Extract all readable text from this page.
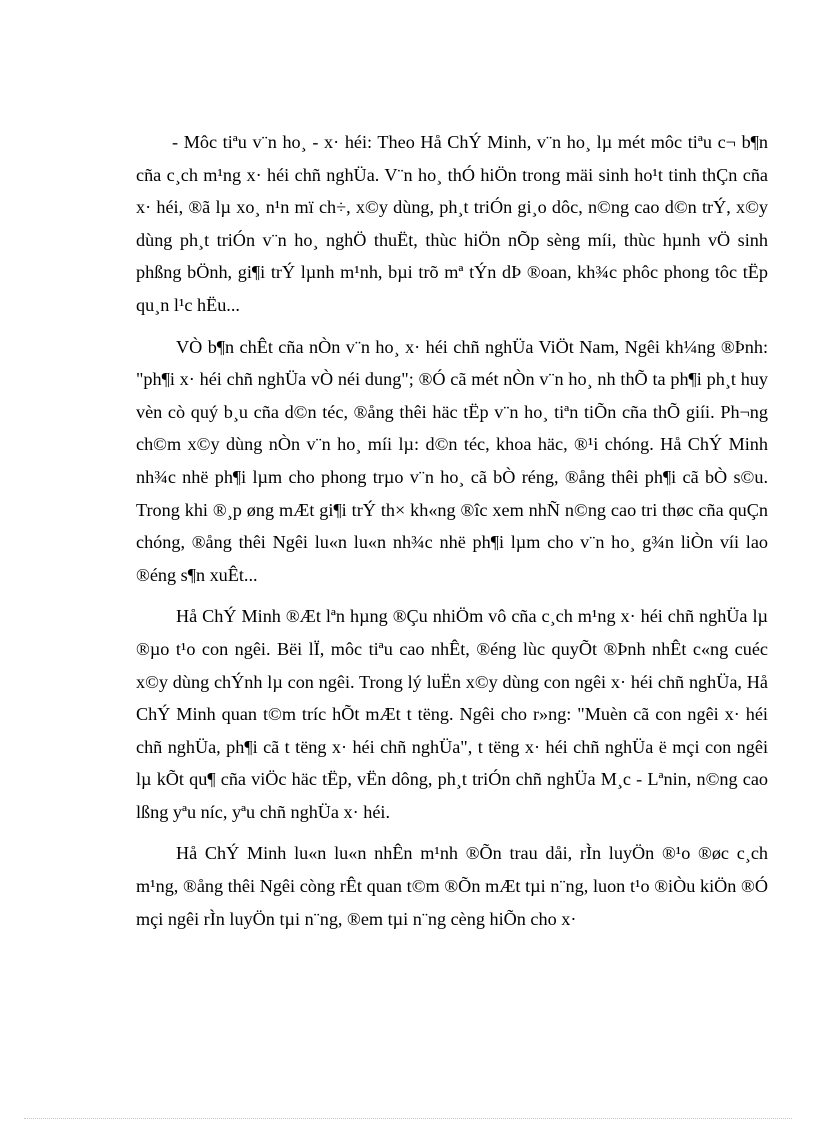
- Môc tiªu v¨n ho¸ - x· héi: Theo Hå ChÝ Minh, v¨n ho¸ lµ mét môc tiªu c¬ b¶n cña c¸ch m¹ng x· héi chñ nghÜa. V¨n ho¸ thÓ hiÖn trong mäi sinh ho¹t tinh thÇn cña x· héi, ®ã lµ xo¸ n¹n mï ch÷, x©y dùng, ph¸t triÓn gi¸o dôc, n©ng cao d©n trÝ, x©y dùng ph¸t triÓn v¨n ho¸ nghÖ thuËt, thùc hiÖn nÕp sèng míi, thùc hµnh vÖ sinh phßng bÖnh, gi¶i trÝ lµnh m¹nh, bµi trõ mª tÝn dÞ ®oan, kh¾c phôc phong tôc tËp qu¸n l¹c hËu...

VÒ b¶n chÊt cña nÒn v¨n ho¸ x· héi chñ nghÜa ViÖt Nam, Ngêi kh¼ng ®Þnh: "ph¶i x· héi chñ nghÜa vÒ néi dung"; ®Ó cã mét nÒn v¨n ho¸ nh thÕ ta ph¶i ph¸t huy vèn cò quý b¸u cña d©n téc, ®ång thêi häc tËp v¨n ho¸ tiªn tiÕn cña thÕ giíi. Ph¬ng ch©m x©y dùng nÒn v¨n ho¸ míi lµ: d©n téc, khoa häc, ®¹i chóng. Hå ChÝ Minh nh¾c nhë ph¶i lµm cho phong trµo v¨n ho¸ cã bÒ réng, ®ång thêi ph¶i cã bÒ s©u. Trong khi ®¸p øng mÆt gi¶i trÝ th× kh«ng ®îc xem nhÑ n©ng cao tri thøc cña quÇn chóng, ®ång thêi Ngêi lu«n lu«n nh¾c nhë ph¶i lµm cho v¨n ho¸ g¾n liÒn víi lao ®éng s¶n xuÊt...

Hå ChÝ Minh ®Æt lªn hµng ®Çu nhiÖm vô cña c¸ch m¹ng x· héi chñ nghÜa lµ ®µo t¹o con ngêi. Bëi lÏ, môc tiªu cao nhÊt, ®éng lùc quyÕt ®Þnh nhÊt c«ng cuéc x©y dùng chÝnh lµ con ngêi. Trong lý luËn x©y dùng con ngêi x· héi chñ nghÜa, Hå ChÝ Minh quan t©m tríc hÕt mÆt t tëng. Ngêi cho r»ng: "Muèn cã con ngêi x· héi chñ nghÜa, ph¶i cã t tëng x· héi chñ nghÜa", t tëng x· héi chñ nghÜa ë mçi con ngêi lµ kÕt qu¶ cña viÖc häc tËp, vËn dông, ph¸t triÓn chñ nghÜa M¸c - Lªnin, n©ng cao lßng yªu níc, yªu chñ nghÜa x· héi.

Hå ChÝ Minh lu«n lu«n nhÊn m¹nh ®Õn trau dåi, rÌn luyÖn ®¹o ®øc c¸ch m¹ng, ®ång thêi Ngêi còng rÊt quan t©m ®Õn mÆt tµi n¨ng, luon t¹o ®iÒu kiÖn ®Ó mçi ngêi rÌn luyÖn tµi n¨ng, ®em tµi n¨ng cèng hiÕn cho x·
